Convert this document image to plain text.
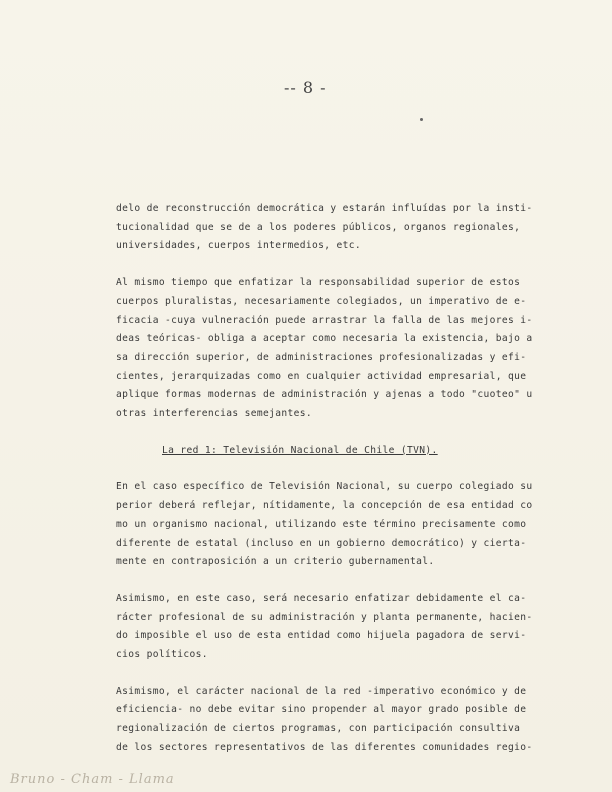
-- 8 -

delo de reconstrucción democrática y estarán influídas por la insti-
tucionalidad que se de a los poderes públicos, organos regionales,
universidades, cuerpos intermedios, etc.

Al mismo tiempo que enfatizar la responsabilidad superior de estos
cuerpos pluralistas, necesariamente colegiados, un imperativo de e-
ficacia -cuya vulneración puede arrastrar la falla de las mejores i-
deas teóricas- obliga a aceptar como necesaria la existencia, bajo a
sa dirección superior, de administraciones profesionalizadas y efi-
cientes, jerarquizadas como en cualquier actividad empresarial, que
aplique formas modernas de administración y ajenas a todo "cuoteo" u
otras interferencias semejantes.

La red 1: Televisión Nacional de Chile (TVN).

En el caso específico de Televisión Nacional, su cuerpo colegiado su
perior deberá reflejar, nítidamente, la concepción de esa entidad co
mo un organismo nacional, utilizando este término precisamente como
diferente de estatal (incluso en un gobierno democrático) y cierta-
mente en contraposición a un criterio gubernamental.

Asimismo, en este caso, será necesario enfatizar debidamente el ca-
rácter profesional de su administración y planta permanente, hacien-
do imposible el uso de esta entidad como hijuela pagadora de servi-
cios políticos.

Asimismo, el carácter nacional de la red -imperativo económico y de
eficiencia- no debe evitar sino propender al mayor grado posible de
regionalización de ciertos programas, con participación consultiva
de los sectores representativos de las diferentes comunidades regio-

Bruno - Cham - Llama
